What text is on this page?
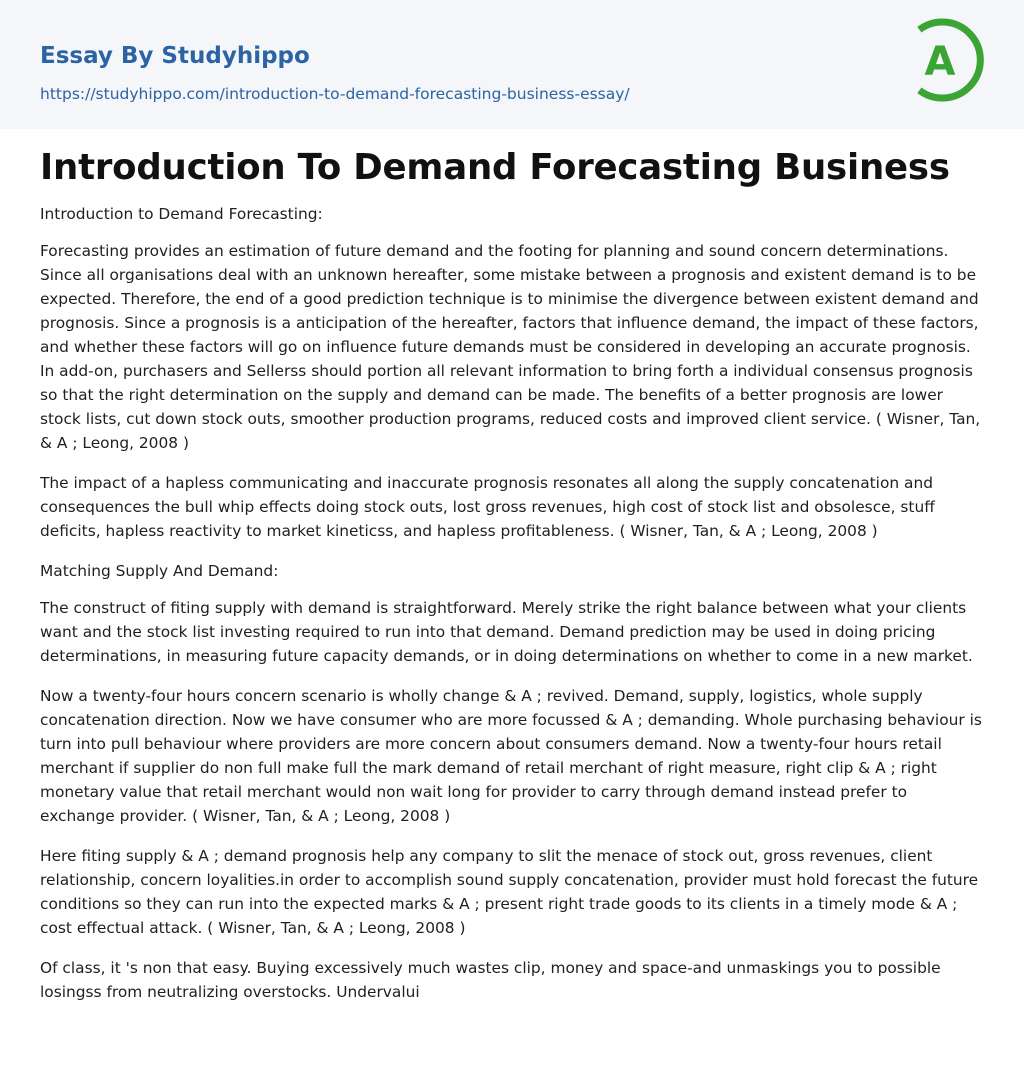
Essay By Studyhippo
https://studyhippo.com/introduction-to-demand-forecasting-business-essay/
A
Introduction To Demand Forecasting Business

Introduction to Demand Forecasting:

Forecasting provides an estimation of future demand and the footing for planning and sound concern determinations. Since all organisations deal with an unknown hereafter, some mistake between a prognosis and existent demand is to be expected. Therefore, the end of a good prediction technique is to minimise the divergence between existent demand and prognosis. Since a prognosis is a anticipation of the hereafter, factors that influence demand, the impact of these factors, and whether these factors will go on influence future demands must be considered in developing an accurate prognosis. In add-on, purchasers and Sellerss should portion all relevant information to bring forth a individual consensus prognosis so that the right determination on the supply and demand can be made. The benefits of a better prognosis are lower stock lists, cut down stock outs, smoother production programs, reduced costs and improved client service. ( Wisner, Tan, & A ; Leong, 2008 )

The impact of a hapless communicating and inaccurate prognosis resonates all along the supply concatenation and consequences the bull whip effects doing stock outs, lost gross revenues, high cost of stock list and obsolesce, stuff deficits, hapless reactivity to market kineticss, and hapless profitableness. ( Wisner, Tan, & A ; Leong, 2008 )

Matching Supply And Demand:

The construct of fiting supply with demand is straightforward. Merely strike the right balance between what your clients want and the stock list investing required to run into that demand. Demand prediction may be used in doing pricing determinations, in measuring future capacity demands, or in doing determinations on whether to come in a new market.

Now a twenty-four hours concern scenario is wholly change & A ; revived. Demand, supply, logistics, whole supply concatenation direction. Now we have consumer who are more focussed & A ; demanding. Whole purchasing behaviour is turn into pull behaviour where providers are more concern about consumers demand. Now a twenty-four hours retail merchant if supplier do non full make full the mark demand of retail merchant of right measure, right clip & A ; right monetary value that retail merchant would non wait long for provider to carry through demand instead prefer to exchange provider. ( Wisner, Tan, & A ; Leong, 2008 )

Here fiting supply & A ; demand prognosis help any company to slit the menace of stock out, gross revenues, client relationship, concern loyalities.in order to accomplish sound supply concatenation, provider must hold forecast the future conditions so they can run into the expected marks & A ; present right trade goods to its clients in a timely mode & A ; cost effectual attack. ( Wisner, Tan, & A ; Leong, 2008 )

Of class, it 's non that easy. Buying excessively much wastes clip, money and space-and unmaskings you to possible losingss from neutralizing overstocks. Undervalui
